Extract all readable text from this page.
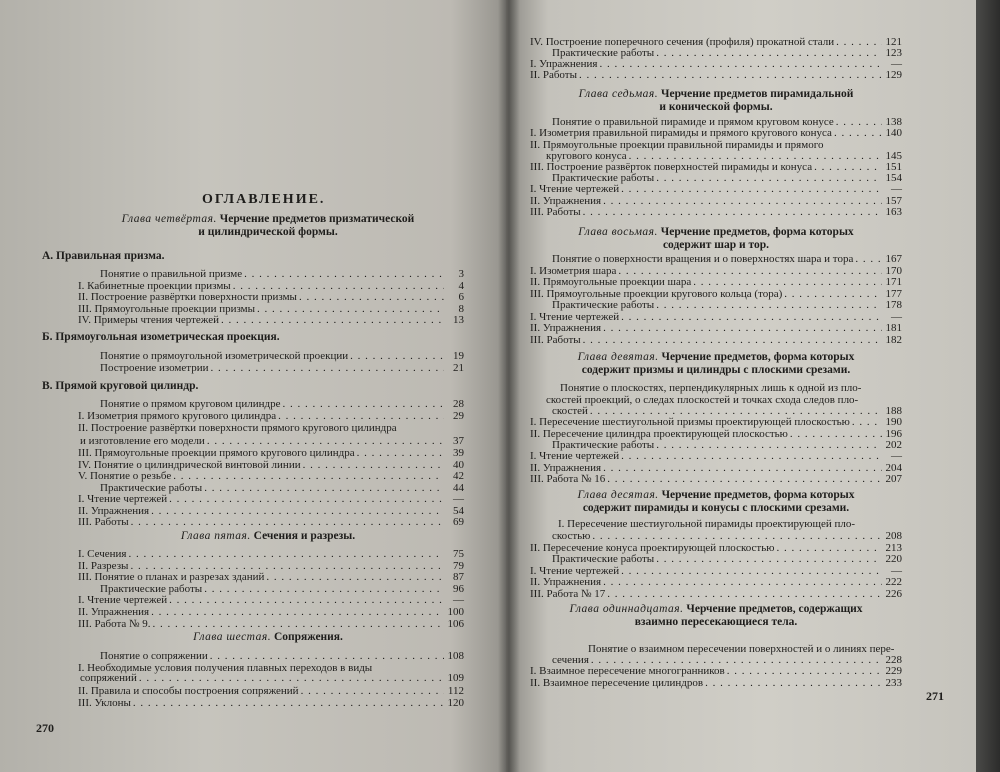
ОГЛАВЛЕНИЕ.
Глава четвёртая. Черчение предметов призматической
и цилиндрической формы.
А. Правильная призма.
Понятие о правильной призме . . .	3
I. Кабинетные проекции призмы . . .	4
II. Построение развёртки поверхности призмы . . .	6
III. Прямоугольные проекции призмы . . .	8
IV. Примеры чтения чертежей . . .	13
Б. Прямоугольная изометрическая проекция.
Понятие о прямоугольной изометрической проекции . . .	19
Построение изометрии . . .	21
В. Прямой круговой цилиндр.
Понятие о прямом круговом цилиндре . . .	28
I. Изометрия прямого кругового цилиндра . . .	29
II. Построение развёртки поверхности прямого кругового цилиндра
и изготовление его модели . . .	37
III. Прямоугольные проекции прямого кругового цилиндра . . .	39
IV. Понятие о цилиндрической винтовой линии . . .	40
V. Понятие о резьбе . . .	42
Практические работы . . .	44
I. Чтение чертежей . . .	—
II. Упражнения . . .	54
III. Работы . . .	69
Глава пятая. Сечения и разрезы.
I. Сечения . . .	75
II. Разрезы . . .	79
III. Понятие о планах и разрезах зданий . . .	87
Практические работы . . .	96
I. Чтение чертежей . . .	—
II. Упражнения . . .	100
III. Работа № 9. . . .	106
Глава шестая. Сопряжения.
Понятие о сопряжении . . .	108
I. Необходимые условия получения плавных переходов в виды
сопряжений . . .	109
II. Правила и способы построения сопряжений . . .	112
III. Уклоны . . .	120
270
IV. Построение поперечного сечения (профиля) прокатной стали . . .	121
Практические работы . . .	123
I. Упражнения . . .	—
II. Работы . . .	129
Глава седьмая. Черчение предметов пирамидальной
и конической формы.
Понятие о правильной пирамиде и прямом круговом конусе . . .	138
I. Изометрия правильной пирамиды и прямого кругового конуса . . .	140
II. Прямоугольные проекции правильной пирамиды и прямого
кругового конуса . . .	145
III. Построение развёрток поверхностей пирамиды и конуса . . .	151
Практические работы . . .	154
I. Чтение чертежей . . .	—
II. Упражнения . . .	157
III. Работы . . .	163
Глава восьмая. Черчение предметов, форма которых
содержит шар и тор.
Понятие о поверхности вращения и о поверхностях шара и тора . . .	167
I. Изометрия шара . . .	170
II. Прямоугольные проекции шара . . .	171
III. Прямоугольные проекции кругового кольца (тора) . . .	177
Практические работы . . .	178
I. Чтение чертежей . . .	—
II. Упражнения . . .	181
III. Работы . . .	182
Глава девятая. Черчение предметов, форма которых
содержит призмы и цилиндры с плоскими срезами.
Понятие о плоскостях, перпендикулярных лишь к одной из пло-
скостей проекций, о следах плоскостей и точках схода следов пло-
скостей . . .	188
I. Пересечение шестиугольной призмы проектирующей плоскостью . . .	190
II. Пересечение цилиндра проектирующей плоскостью . . .	196
Практические работы . . .	202
I. Чтение чертежей . . .	—
II. Упражнения . . .	204
III. Работа № 16 . . .	207
Глава десятая. Черчение предметов, форма которых
содержит пирамиды и конусы с плоскими срезами.
I. Пересечение шестиугольной пирамиды проектирующей пло-
скостью . . .	208
II. Пересечение конуса проектирующей плоскостью . . .	213
Практические работы . . .	220
I. Чтение чертежей . . .	—
II. Упражнения . . .	222
III. Работа № 17 . . .	226
Глава одиннадцатая. Черчение предметов, содержащих
взаимно пересекающиеся тела.
Понятие о взаимном пересечении поверхностей и о линиях пере-
сечения . . .	228
I. Взаимное пересечение многогранников . . .	229
II. Взаимное пересечение цилиндров . . .	233
271
